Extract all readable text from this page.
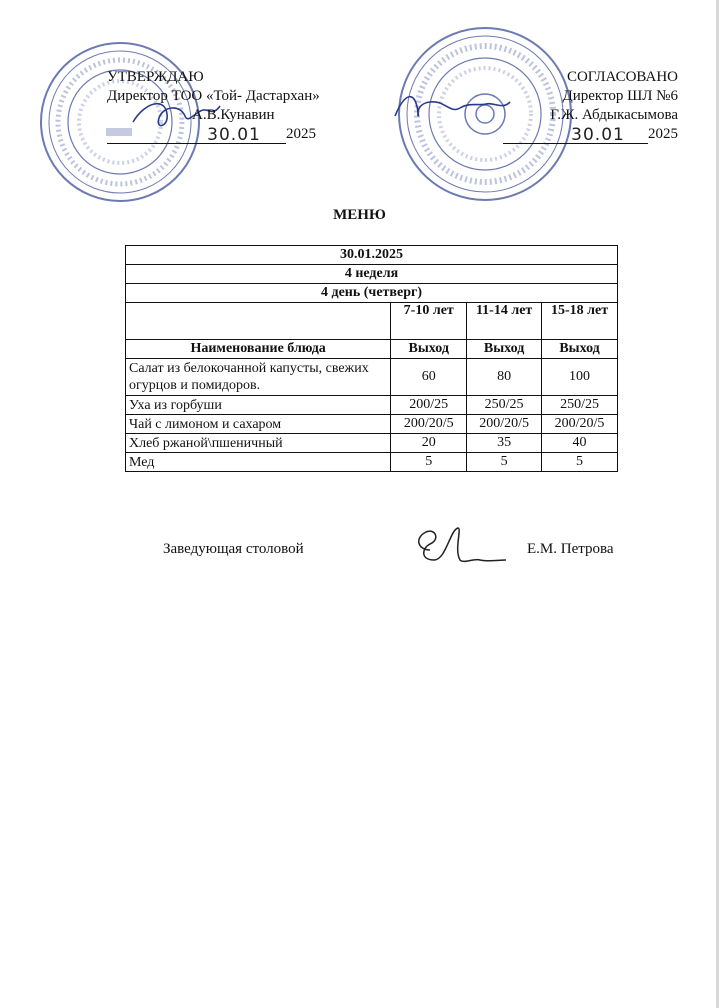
УТВЕРЖДАЮ
Директор ТОО «Той- Дастархан»
А.В.Кунавин
30.01 2025
СОГЛАСОВАНО
Директор ШЛ №6
Г.Ж. Абдыкасымова
30.01 2025
МЕНЮ
30.01.2025			
4 неделя			
4 день (четверг)			
	7-10 лет	11-14 лет	15-18 лет
Наименование блюда	Выход	Выход	Выход
Салат из белокочанной капусты, свежих огурцов и помидоров.	60	80	100
Уха из горбуши	200/25	250/25	250/25
Чай с лимоном и сахаром	200/20/5	200/20/5	200/20/5
Хлеб ржаной\пшеничный	20	35	40
Мед	5	5	5
Заведующая столовой	Е.М. Петрова
